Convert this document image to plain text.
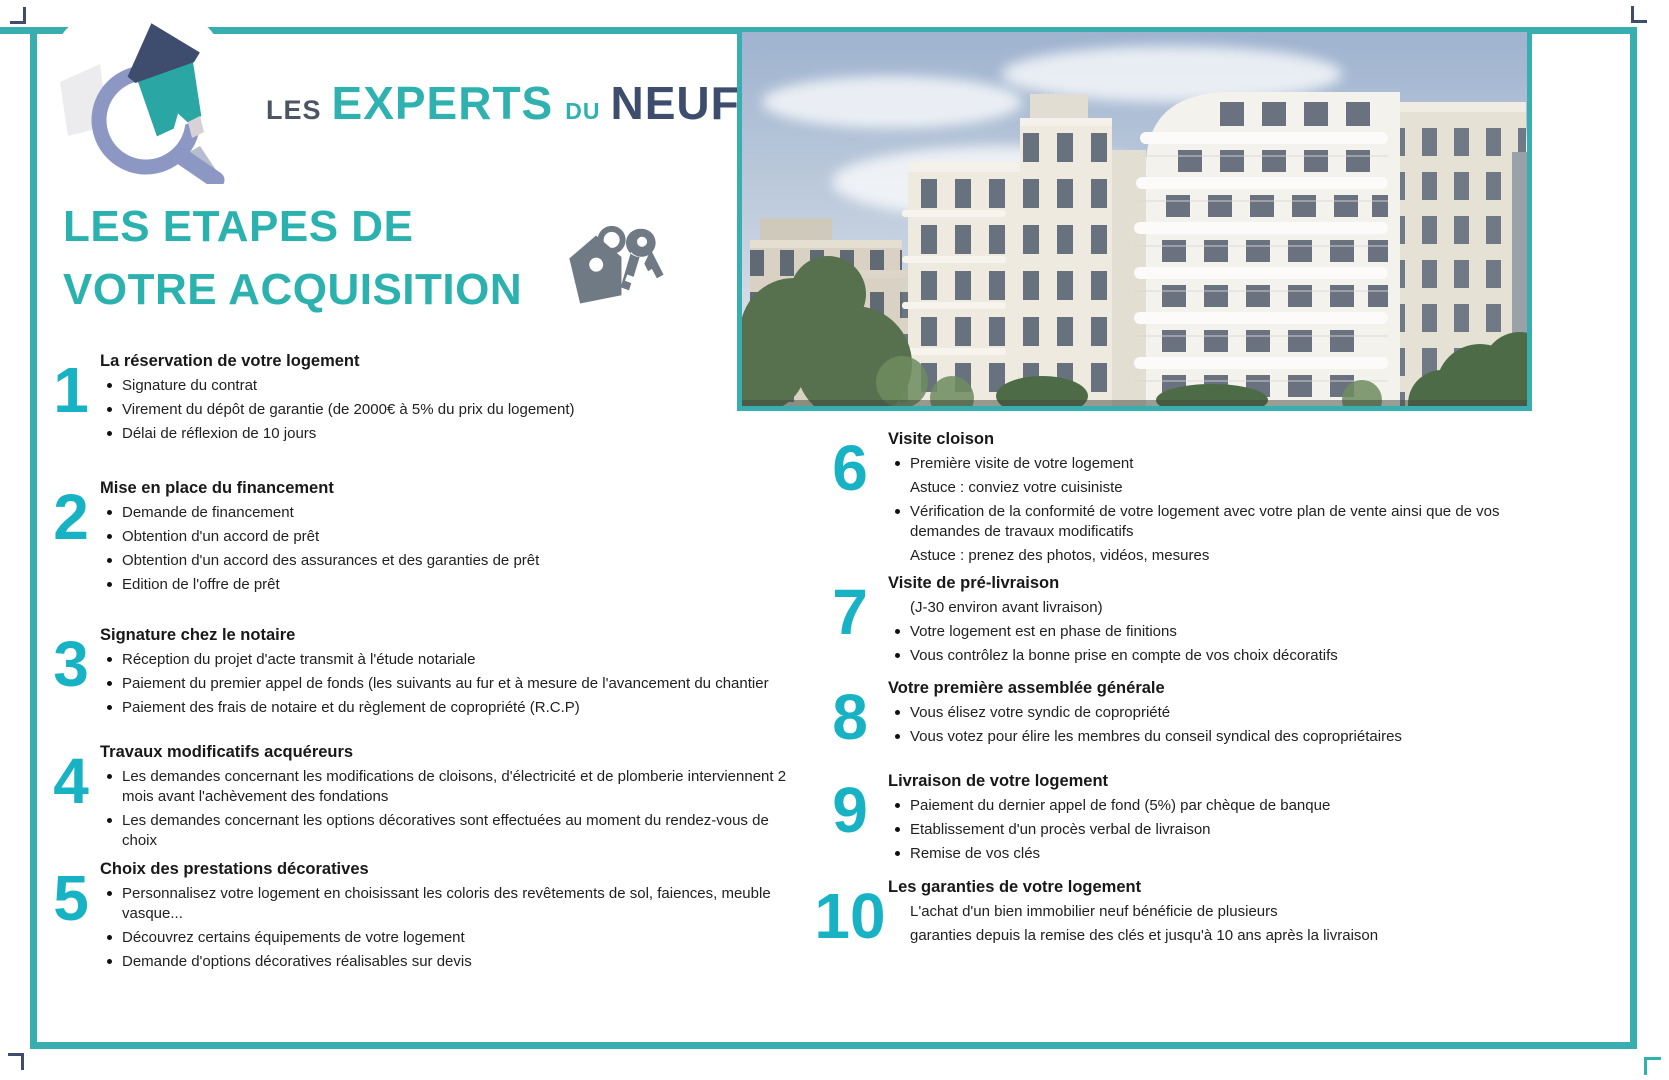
LES EXPERTS DU NEUF
LES ETAPES DE
VOTRE ACQUISITION
1 La réservation de votre logement

Signature du contrat

Virement du dépôt de garantie (de 2000€ à 5% du prix du logement)

Délai de réflexion de 10 jours

2 Mise en place du financement

Demande de financement

Obtention d'un accord de prêt

Obtention d'un accord des assurances et des garanties de prêt

Edition de l'offre de prêt

3 Signature chez le notaire

Réception du projet d'acte transmit à l'étude notariale

Paiement du premier appel de fonds (les suivants au fur et à mesure de l'avancement du chantier

Paiement des frais de notaire et du règlement de copropriété (R.C.P)

4 Travaux modificatifs acquéreurs

Les demandes concernant les modifications de cloisons, d'électricité et de plomberie interviennent 2 mois avant l'achèvement des fondations

Les demandes concernant les options décoratives sont effectuées au moment du rendez-vous de choix

5 Choix des prestations décoratives

Personnalisez votre logement en choisissant les coloris des revêtements de sol, faiences, meuble vasque...

Découvrez certains équipements de votre logement

Demande d'options décoratives réalisables sur devis

6	Visite cloison

Première visite de votre logement

Astuce : conviez votre cuisiniste

Vérification de la conformité de votre logement avec votre plan de vente ainsi que de vos demandes de travaux modificatifs

Astuce : prenez des photos, vidéos, mesures

7	Visite de pré-livraison

(J-30 environ avant livraison)

Votre logement est en phase de finitions

Vous contrôlez la bonne prise en compte de vos choix décoratifs

8	Votre première assemblée générale

Vous élisez votre syndic de copropriété

Vous votez pour élire les membres du conseil syndical des copropriétaires

9	Livraison de votre logement

Paiement du dernier appel de fond (5%) par chèque de banque

Etablissement d'un procès verbal de livraison

Remise de vos clés

10 Les garanties de votre logement

L'achat d'un bien immobilier neuf bénéficie de plusieurs

garanties depuis la remise des clés et jusqu'à 10 ans après la livraison
